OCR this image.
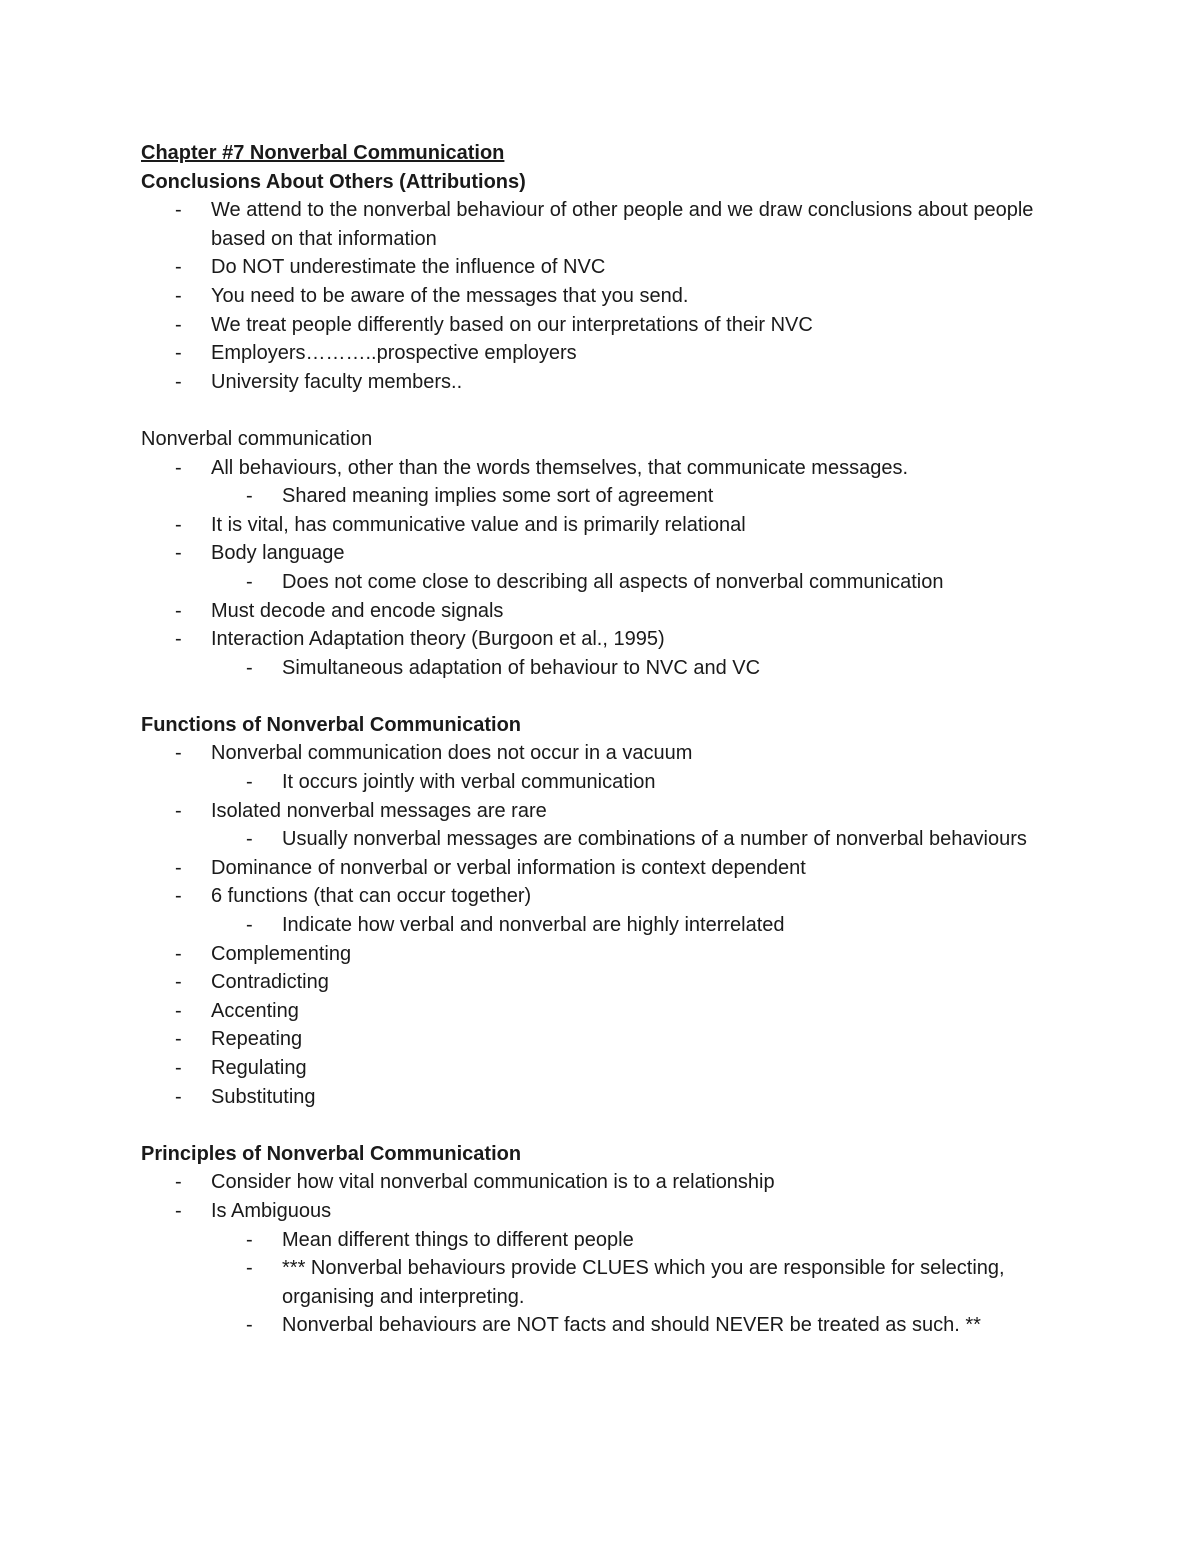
Chapter #7 Nonverbal Communication

Conclusions About Others (Attributions)

- We attend to the nonverbal behaviour of other people and we draw conclusions about people based on that information
- Do NOT underestimate the influence of NVC
- You need to be aware of the messages that you send.
- We treat people differently based on our interpretations of their NVC
- Employers………..prospective employers
- University faculty members..

Nonverbal communication

- All behaviours, other than the words themselves, that communicate messages.
- Shared meaning implies some sort of agreement
- It is vital, has communicative value and is primarily relational
- Body language
- Does not come close to describing all aspects of nonverbal communication
- Must decode and encode signals
- Interaction Adaptation theory (Burgoon et al., 1995)
- Simultaneous adaptation of behaviour to NVC and VC

Functions of Nonverbal Communication

- Nonverbal communication does not occur in a vacuum
- It occurs jointly with verbal communication
- Isolated nonverbal messages are rare
- Usually nonverbal messages are combinations of a number of nonverbal behaviours
- Dominance of nonverbal or verbal information is context dependent
- 6 functions (that can occur together)
- Indicate how verbal and nonverbal are highly interrelated
- Complementing
- Contradicting
- Accenting
- Repeating
- Regulating
- Substituting

Principles of Nonverbal Communication

- Consider how vital nonverbal communication is to a relationship
- Is Ambiguous
- Mean different things to different people
- *** Nonverbal behaviours provide CLUES which you are responsible for selecting, organising and interpreting.
- Nonverbal behaviours are NOT facts and should NEVER be treated as such. **
